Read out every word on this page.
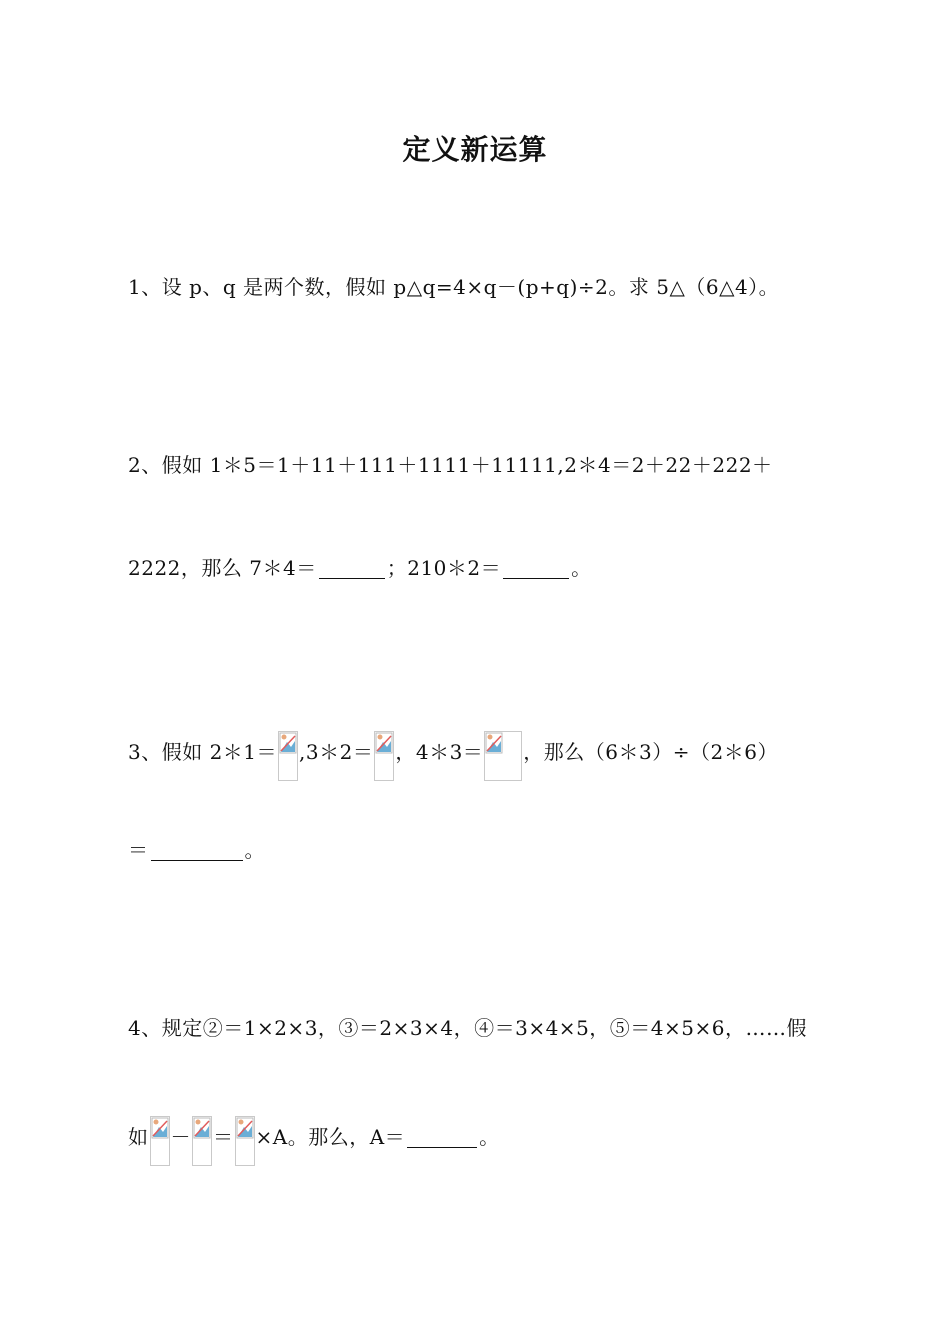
定义新运算
1、设 p、q 是两个数，假如 p△q=4×q－(p+q)÷2。求 5△（6△4）。
2、假如 1＊5＝1＋11＋111＋1111＋11111,2＊4＝2＋22＋222＋
2222，那么 7＊4＝	；210＊2＝	。
3、假如 2＊1＝ ,3＊2＝ ，4＊3＝ ，那么（6＊3）÷（2＊6）
＝	。
4、规定②＝1×2×3，③＝2×3×4，④＝3×4×5，⑤＝4×5×6，……假
如 － ＝ ×A。那么，A＝	。
